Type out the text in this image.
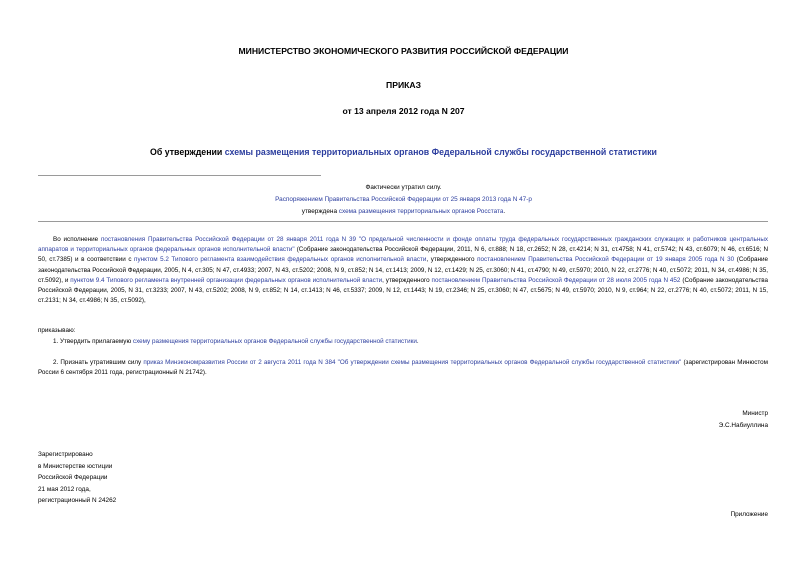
МИНИСТЕРСТВО ЭКОНОМИЧЕСКОГО РАЗВИТИЯ РОССИЙСКОЙ ФЕДЕРАЦИИ
ПРИКАЗ
от 13 апреля 2012 года N 207
Об утверждении схемы размещения территориальных органов Федеральной службы государственной статистики
Фактически утратил силу.
Распоряжением Правительства Российской Федерации от 25 января 2013 года N 47-р
утверждена схема размещения территориальных органов Росстата.
Во исполнение постановления Правительства Российской Федерации от 28 января 2011 года N 39 "О предельной численности и фонде оплаты труда федеральных государственных гражданских служащих и работников центральных аппаратов и территориальных органов федеральных органов исполнительной власти" (Собрание законодательства Российской Федерации, 2011, N 6, ст.888; N 18, ст.2652; N 28, ст.4214; N 31, ст.4758; N 41, ст.5742; N 43, ст.6079; N 46, ст.6516; N 50, ст.7385) и в соответствии с пунктом 5.2 Типового регламента взаимодействия федеральных органов исполнительной власти, утвержденного постановлением Правительства Российской Федерации от 19 января 2005 года N 30 (Собрание законодательства Российской Федерации, 2005, N 4, ст.305; N 47, ст.4933; 2007, N 43, ст.5202; 2008, N 9, ст.852; N 14, ст.1413; 2009, N 12, ст.1429; N 25, ст.3060; N 41, ст.4790; N 49, ст.5970; 2010, N 22, ст.2776; N 40, ст.5072; 2011, N 34, ст.4986; N 35, ст.5092), и пунктом 9.4 Типового регламента внутренней организации федеральных органов исполнительной власти, утвержденного постановлением Правительства Российской Федерации от 28 июля 2005 года N 452 (Собрание законодательства Российской Федерации, 2005, N 31, ст.3233; 2007, N 43, ст.5202; 2008, N 9, ст.852; N 14, ст.1413; N 46, ст.5337; 2009, N 12, ст.1443; N 19, ст.2346; N 25, ст.3060; N 47, ст.5675; N 49, ст.5970; 2010, N 9, ст.964; N 22, ст.2776; N 40, ст.5072; 2011, N 15, ст.2131; N 34, ст.4986; N 35, ст.5092),
приказываю:
1. Утвердить прилагаемую схему размещения территориальных органов Федеральной службы государственной статистики.
2. Признать утратившим силу приказ Минэкономразвития России от 2 августа 2011 года N 384 "Об утверждении схемы размещения территориальных органов Федеральной службы государственной статистики" (зарегистрирован Минюстом России 6 сентября 2011 года, регистрационный N 21742).
Министр
Э.С.Набиуллина
Зарегистрировано
в Министерстве юстиции
Российской Федерации
21 мая 2012 года,
регистрационный N 24262
Приложение
